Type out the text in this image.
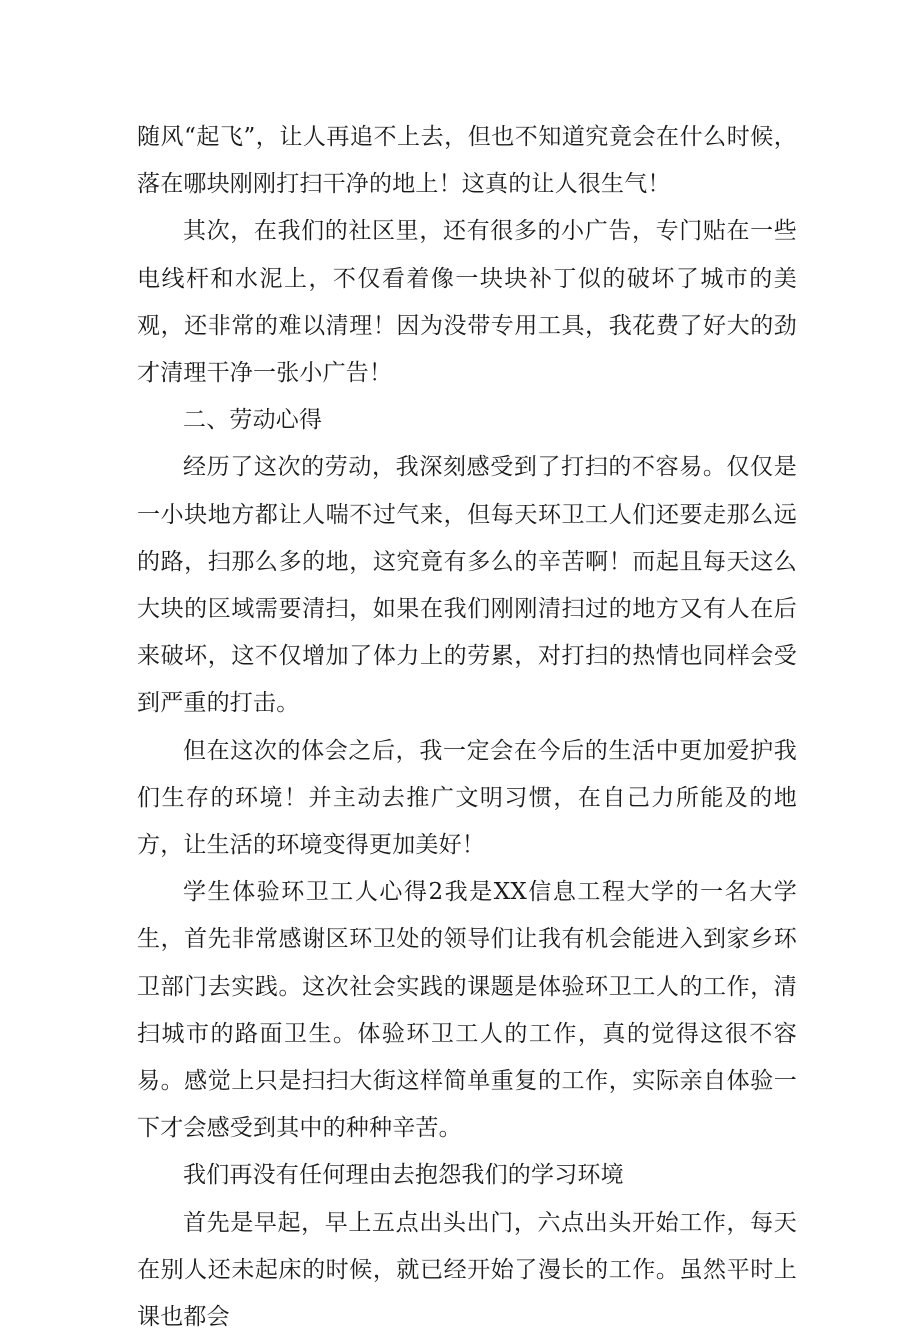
随风“起飞”，让人再追不上去，但也不知道究竟会在什么时候，落在哪块刚刚打扫干净的地上！这真的让人很生气！

其次，在我们的社区里，还有很多的小广告，专门贴在一些电线杆和水泥上，不仅看着像一块块补丁似的破坏了城市的美观，还非常的难以清理！因为没带专用工具，我花费了好大的劲才清理干净一张小广告！

二、劳动心得

经历了这次的劳动，我深刻感受到了打扫的不容易。仅仅是一小块地方都让人喘不过气来，但每天环卫工人们还要走那么远的路，扫那么多的地，这究竟有多么的辛苦啊！而起且每天这么大块的区域需要清扫，如果在我们刚刚清扫过的地方又有人在后来破坏，这不仅增加了体力上的劳累，对打扫的热情也同样会受到严重的打击。

但在这次的体会之后，我一定会在今后的生活中更加爱护我们生存的环境！并主动去推广文明习惯，在自己力所能及的地方，让生活的环境变得更加美好！

学生体验环卫工人心得2我是XX信息工程大学的一名大学生，首先非常感谢区环卫处的领导们让我有机会能进入到家乡环卫部门去实践。这次社会实践的课题是体验环卫工人的工作，清扫城市的路面卫生。体验环卫工人的工作，真的觉得这很不容易。感觉上只是扫扫大街这样简单重复的工作，实际亲自体验一下才会感受到其中的种种辛苦。

我们再没有任何理由去抱怨我们的学习环境

首先是早起，早上五点出头出门，六点出头开始工作，每天在别人还未起床的时候，就已经开始了漫长的工作。虽然平时上课也都会
